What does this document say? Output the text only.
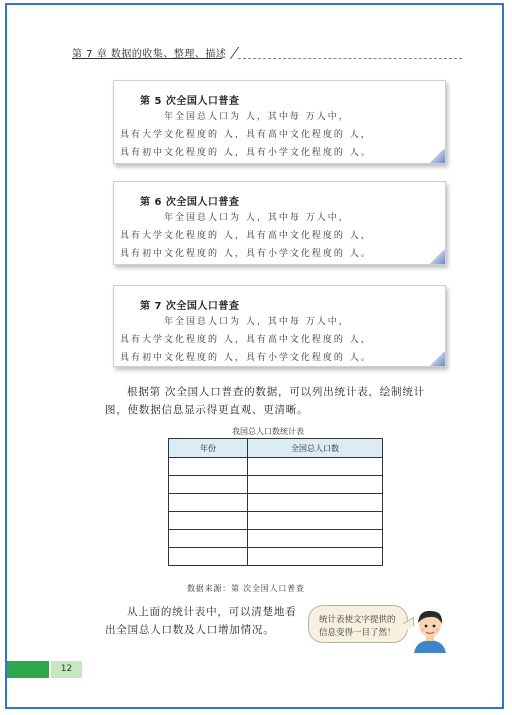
第 7 章 数据的收集、整理、描述
第 5 次全国人口普查
年全国总人口为 人，其中每 万人中，
具有大学文化程度的 人，具有高中文化程度的 人，
具有初中文化程度的 人，具有小学文化程度的 人。
第 6 次全国人口普查
年全国总人口为 人，其中每 万人中，
具有大学文化程度的 人，具有高中文化程度的 人，
具有初中文化程度的 人，具有小学文化程度的 人。
第 7 次全国人口普查
年全国总人口为 人，其中每 万人中，
具有大学文化程度的 人，具有高中文化程度的 人，
具有初中文化程度的 人，具有小学文化程度的 人。
根据第 次全国人口普查的数据，可以列出统计表，绘制统计
图，使数据信息显示得更直观、更清晰。
我国总人口数统计表
年份	全国总人口数

数据来源：第 次全国人口普查
从上面的统计表中，可以清楚地看
出全国总人口数及人口增加情况。
统计表使文字提供的
信息变得一目了然！
12
